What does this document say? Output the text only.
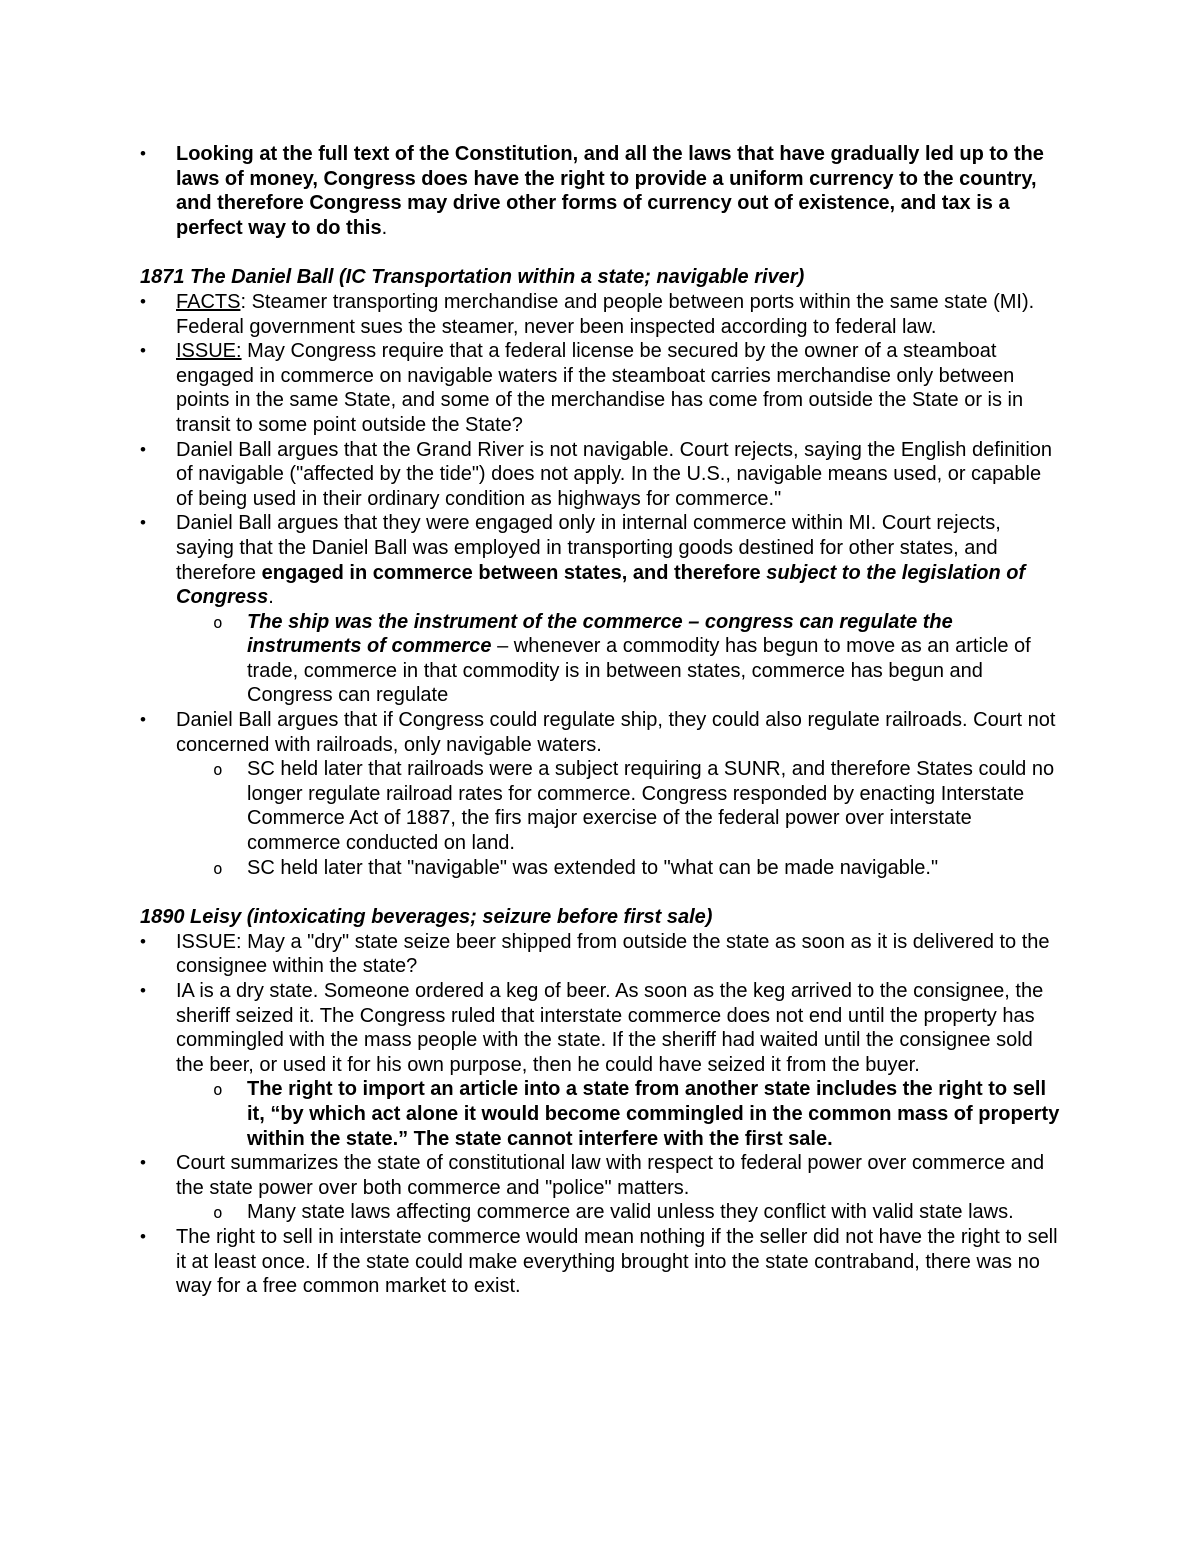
• Looking at the full text of the Constitution, and all the laws that have gradually led up to the laws of money, Congress does have the right to provide a uniform currency to the country, and therefore Congress may drive other forms of currency out of existence, and tax is a perfect way to do this.
1871 The Daniel Ball (IC Transportation within a state; navigable river)
• FACTS: Steamer transporting merchandise and people between ports within the same state (MI). Federal government sues the steamer, never been inspected according to federal law.
• ISSUE: May Congress require that a federal license be secured by the owner of a steamboat engaged in commerce on navigable waters if the steamboat carries merchandise only between points in the same State, and some of the merchandise has come from outside the State or is in transit to some point outside the State?
• Daniel Ball argues that the Grand River is not navigable. Court rejects, saying the English definition of navigable ("affected by the tide") does not apply. In the U.S., navigable means used, or capable of being used in their ordinary condition as highways for commerce."
• Daniel Ball argues that they were engaged only in internal commerce within MI. Court rejects, saying that the Daniel Ball was employed in transporting goods destined for other states, and therefore engaged in commerce between states, and therefore subject to the legislation of Congress.
o The ship was the instrument of the commerce – congress can regulate the instruments of commerce – whenever a commodity has begun to move as an article of trade, commerce in that commodity is in between states, commerce has begun and Congress can regulate
• Daniel Ball argues that if Congress could regulate ship, they could also regulate railroads. Court not concerned with railroads, only navigable waters.
o SC held later that railroads were a subject requiring a SUNR, and therefore States could no longer regulate railroad rates for commerce. Congress responded by enacting Interstate Commerce Act of 1887, the firs major exercise of the federal power over interstate commerce conducted on land.
o SC held later that "navigable" was extended to "what can be made navigable."
1890 Leisy (intoxicating beverages; seizure before first sale)
• ISSUE: May a "dry" state seize beer shipped from outside the state as soon as it is delivered to the consignee within the state?
• IA is a dry state. Someone ordered a keg of beer. As soon as the keg arrived to the consignee, the sheriff seized it. The Congress ruled that interstate commerce does not end until the property has commingled with the mass people with the state. If the sheriff had waited until the consignee sold the beer, or used it for his own purpose, then he could have seized it from the buyer.
o The right to import an article into a state from another state includes the right to sell it, “by which act alone it would become commingled in the common mass of property within the state.” The state cannot interfere with the first sale.
• Court summarizes the state of constitutional law with respect to federal power over commerce and the state power over both commerce and "police" matters.
o Many state laws affecting commerce are valid unless they conflict with valid state laws.
• The right to sell in interstate commerce would mean nothing if the seller did not have the right to sell it at least once. If the state could make everything brought into the state contraband, there was no way for a free common market to exist.
